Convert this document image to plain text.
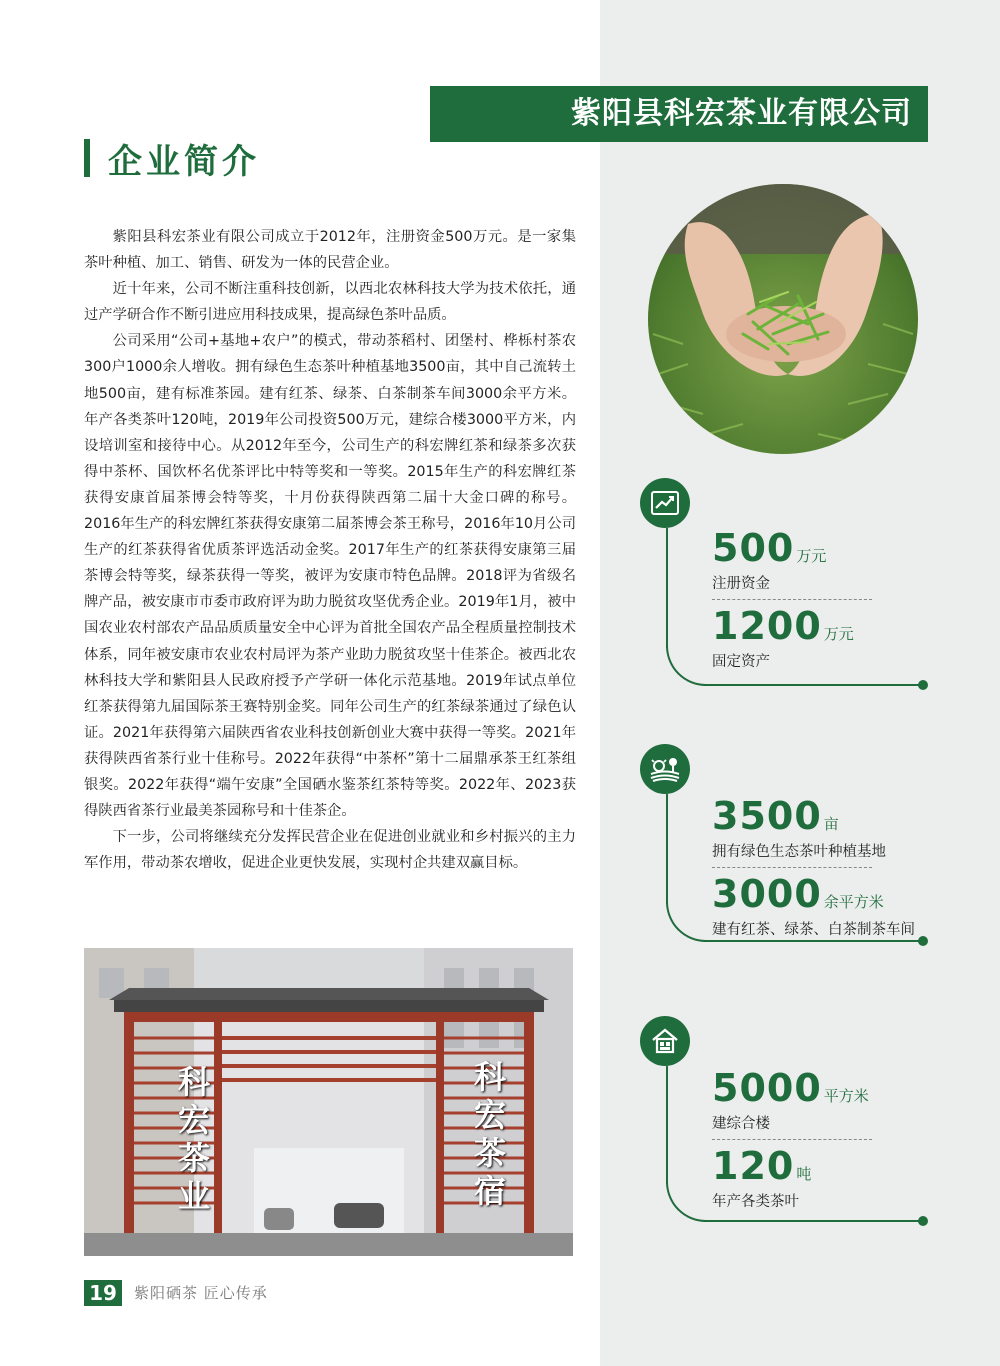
紫阳县科宏茶业有限公司
企业简介

紫阳县科宏茶业有限公司成立于2012年，注册资金500万元。是一家集茶叶种植、加工、销售、研发为一体的民营企业。

近十年来，公司不断注重科技创新，以西北农林科技大学为技术依托，通过产学研合作不断引进应用科技成果，提高绿色茶叶品质。

公司采用“公司+基地+农户”的模式，带动茶稻村、团堡村、桦栎村茶农300户1000余人增收。拥有绿色生态茶叶种植基地3500亩，其中自己流转土地500亩，建有标准茶园。建有红茶、绿茶、白茶制茶车间3000余平方米。年产各类茶叶120吨，2019年公司投资500万元，建综合楼3000平方米，内设培训室和接待中心。从2012年至今，公司生产的科宏牌红茶和绿茶多次获得中茶杯、国饮杯名优茶评比中特等奖和一等奖。2015年生产的科宏牌红茶获得安康首届茶博会特等奖，十月份获得陕西第二届十大金口碑的称号。2016年生产的科宏牌红茶获得安康第二届茶博会茶王称号，2016年10月公司生产的红茶获得省优质茶评选活动金奖。2017年生产的红茶获得安康第三届茶博会特等奖，绿茶获得一等奖，被评为安康市特色品牌。2018评为省级名牌产品，被安康市市委市政府评为助力脱贫攻坚优秀企业。2019年1月，被中国农业农村部农产品品质质量安全中心评为首批全国农产品全程质量控制技术体系，同年被安康市农业农村局评为茶产业助力脱贫攻坚十佳茶企。被西北农林科技大学和紫阳县人民政府授予产学研一体化示范基地。2019年试点单位红茶获得第九届国际茶王赛特别金奖。同年公司生产的红茶绿茶通过了绿色认证。2021年获得第六届陕西省农业科技创新创业大赛中获得一等奖。2021年获得陕西省茶行业十佳称号。2022年获得“中茶杯”第十二届鼎承茶王红茶组银奖。2022年获得“端午安康”全国硒水鉴茶红茶特等奖。2022年、2023获得陕西省茶行业最美茶园称号和十佳茶企。

下一步，公司将继续充分发挥民营企业在促进创业就业和乡村振兴的主力军作用，带动茶农增收，促进企业更快发展，实现村企共建双赢目标。

科宏茶业
科宏茶宿
500 万元
注册资金
1200 万元
固定资产
3500 亩
拥有绿色生态茶叶种植基地
3000 余平方米
建有红茶、绿茶、白茶制茶车间
5000 平方米
建综合楼
120 吨
年产各类茶叶
19	紫阳硒茶 匠心传承
